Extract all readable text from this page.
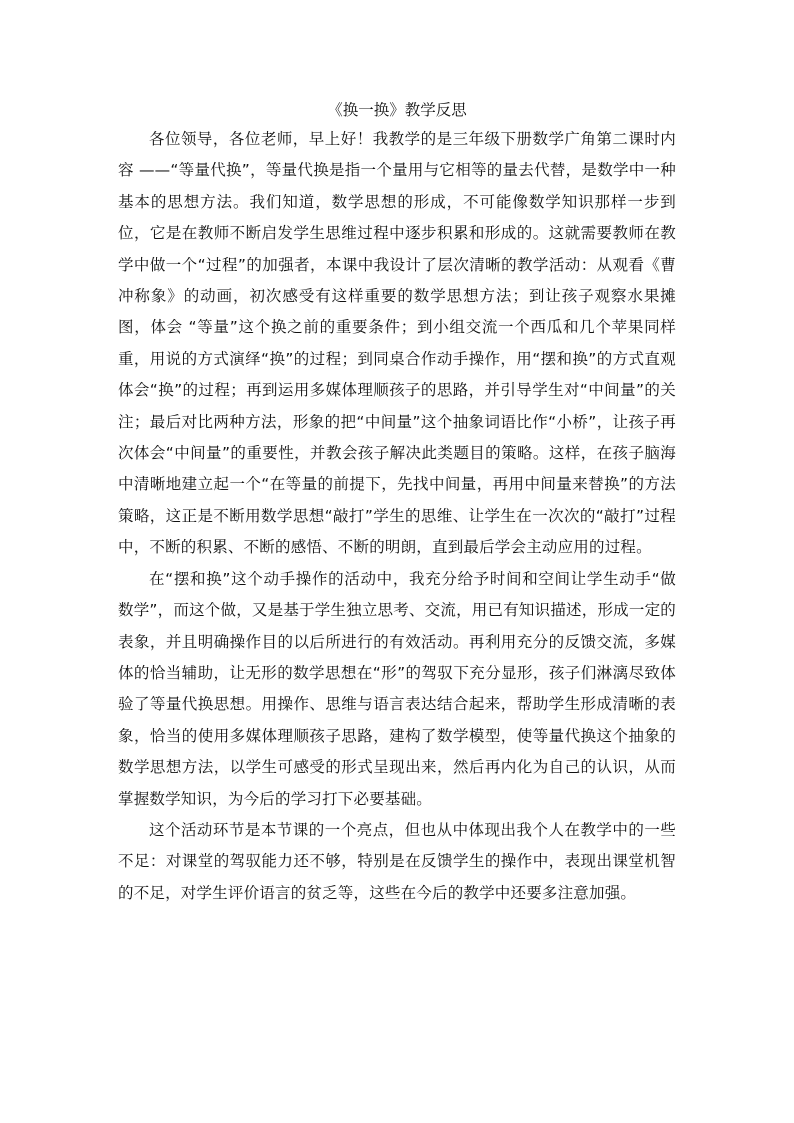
《换一换》教学反思

各位领导，各位老师，早上好！我教学的是三年级下册数学广角第二课时内容 ——“等量代换”，等量代换是指一个量用与它相等的量去代替，是数学中一种基本的思想方法。我们知道，数学思想的形成，不可能像数学知识那样一步到位，它是在教师不断启发学生思维过程中逐步积累和形成的。这就需要教师在教学中做一个“过程”的加强者，本课中我设计了层次清晰的教学活动：从观看《曹冲称象》的动画，初次感受有这样重要的数学思想方法；到让孩子观察水果摊图，体会 “等量”这个换之前的重要条件；到小组交流一个西瓜和几个苹果同样重，用说的方式演绎“换”的过程；到同桌合作动手操作，用“摆和换”的方式直观体会“换”的过程；再到运用多媒体理顺孩子的思路，并引导学生对“中间量”的关注；最后对比两种方法，形象的把“中间量”这个抽象词语比作“小桥”，让孩子再次体会“中间量”的重要性，并教会孩子解决此类题目的策略。这样，在孩子脑海中清晰地建立起一个“在等量的前提下，先找中间量，再用中间量来替换”的方法策略，这正是不断用数学思想“敲打”学生的思维、让学生在一次次的“敲打”过程中，不断的积累、不断的感悟、不断的明朗，直到最后学会主动应用的过程。

在“摆和换”这个动手操作的活动中，我充分给予时间和空间让学生动手“做数学”，而这个做，又是基于学生独立思考、交流，用已有知识描述，形成一定的表象，并且明确操作目的以后所进行的有效活动。再利用充分的反馈交流，多媒体的恰当辅助，让无形的数学思想在“形”的驾驭下充分显形，孩子们淋漓尽致体验了等量代换思想。用操作、思维与语言表达结合起来，帮助学生形成清晰的表象，恰当的使用多媒体理顺孩子思路，建构了数学模型，使等量代换这个抽象的数学思想方法，以学生可感受的形式呈现出来，然后再内化为自己的认识，从而掌握数学知识，为今后的学习打下必要基础。

这个活动环节是本节课的一个亮点，但也从中体现出我个人在教学中的一些不足：对课堂的驾驭能力还不够，特别是在反馈学生的操作中，表现出课堂机智的不足，对学生评价语言的贫乏等，这些在今后的教学中还要多注意加强。
